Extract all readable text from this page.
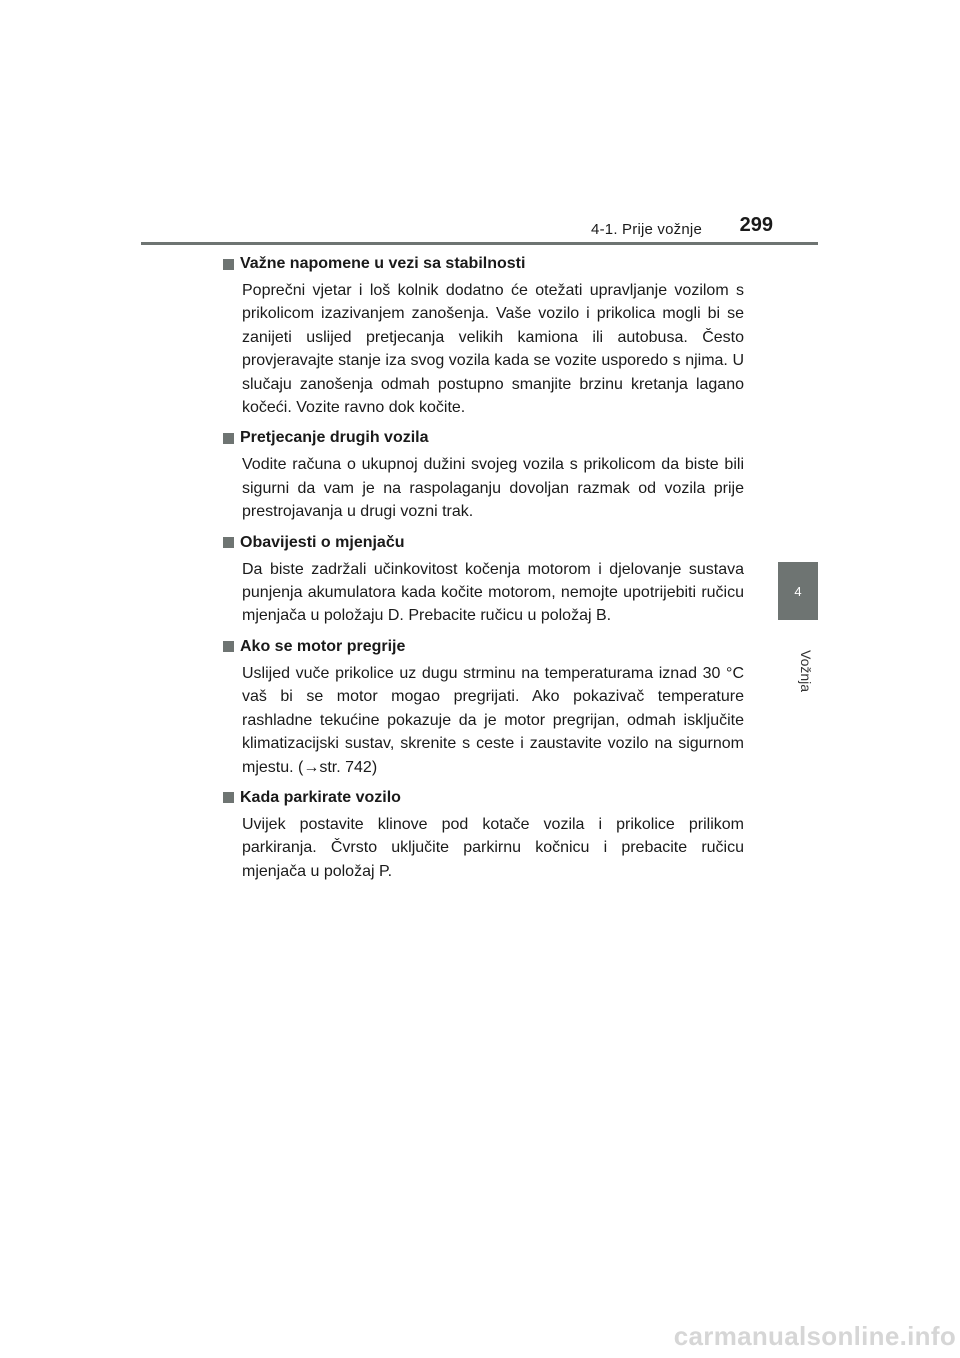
4-1. Prije vožnje 299
4
Vožnja
Važne napomene u vezi sa stabilnosti
Poprečni vjetar i loš kolnik dodatno će otežati upravljanje vozilom s prikolicom izazivanjem zanošenja. Vaše vozilo i prikolica mogli bi se zanijeti uslijed pretjecanja velikih kamiona ili autobusa. Često provjeravajte stanje iza svog vozila kada se vozite usporedo s njima. U slučaju zanošenja odmah postupno smanjite brzinu kretanja lagano kočeći. Vozite ravno dok kočite.
Pretjecanje drugih vozila
Vodite računa o ukupnoj dužini svojeg vozila s prikolicom da biste bili sigurni da vam je na raspolaganju dovoljan razmak od vozila prije prestrojavanja u drugi vozni trak.
Obavijesti o mjenjaču
Da biste zadržali učinkovitost kočenja motorom i djelovanje sustava punjenja akumulatora kada kočite motorom, nemojte upotrijebiti ručicu mjenjača u položaju D. Prebacite ručicu u položaj B.
Ako se motor pregrije
Uslijed vuče prikolice uz dugu strminu na temperaturama iznad 30 °C vaš bi se motor mogao pregrijati. Ako pokazivač temperature rashladne tekućine pokazuje da je motor pregrijan, odmah isključite klimatizacijski sustav, skrenite s ceste i zaustavite vozilo na sigurnom mjestu. (→str. 742)
Kada parkirate vozilo
Uvijek postavite klinove pod kotače vozila i prikolice prilikom parkiranja. Čvrsto uključite parkirnu kočnicu i prebacite ručicu mjenjača u položaj P.
carmanualsonline.info
